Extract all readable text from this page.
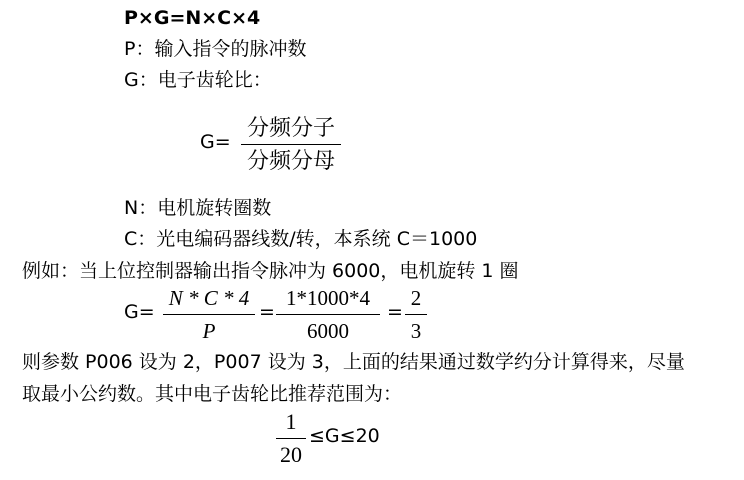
P×G=N×C×4
P：输入指令的脉冲数
G：电子齿轮比：
G=
分频分子
分频分母
N：电机旋转圈数
C：光电编码器线数/转，本系统 C＝1000
例如：当上位控制器输出指令脉冲为 6000，电机旋转 1 圈
G=
N * C * 4
P
=
1*1000*4
6000
=
2
3
则参数 P006 设为 2，P007 设为 3，上面的结果通过数学约分计算得来，尽量
取最小公约数。其中电子齿轮比推荐范围为：
1
20
≤G≤20
